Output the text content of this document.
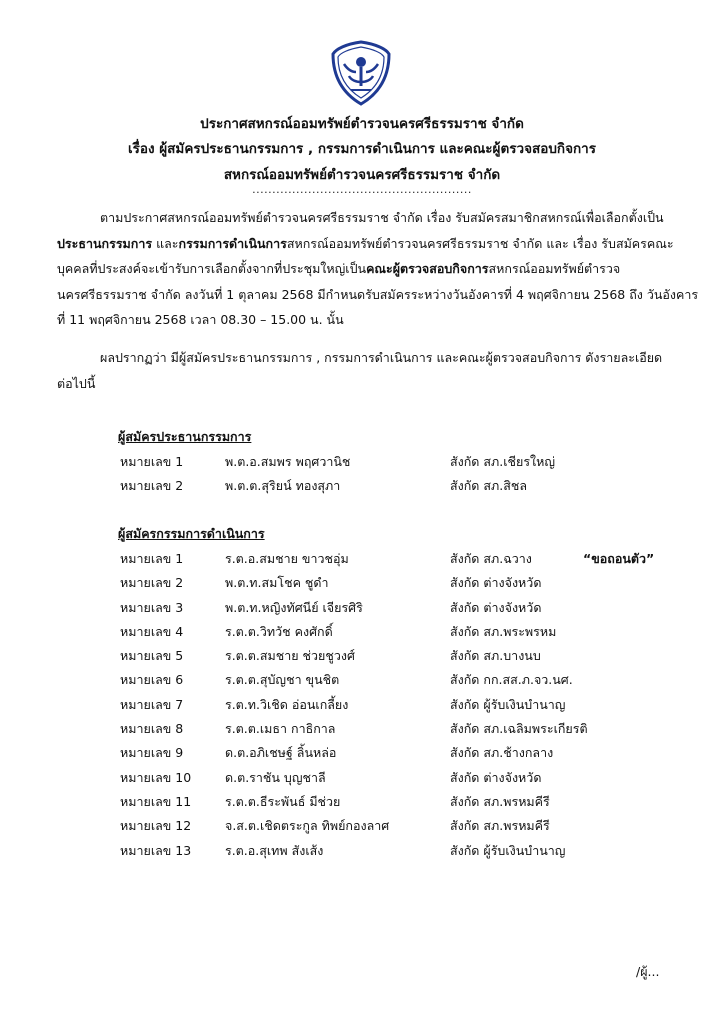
ประกาศสหกรณ์ออมทรัพย์ตำรวจนครศรีธรรมราช จำกัด
เรื่อง ผู้สมัครประธานกรรมการ , กรรมการดำเนินการ และคณะผู้ตรวจสอบกิจการ
สหกรณ์ออมทรัพย์ตำรวจนครศรีธรรมราช จำกัด
.......................................................
ตามประกาศสหกรณ์ออมทรัพย์ตำรวจนครศรีธรรมราช จำกัด เรื่อง รับสมัครสมาชิกสหกรณ์เพื่อเลือกตั้งเป็น
ประธานกรรมการ และกรรมการดำเนินการสหกรณ์ออมทรัพย์ตำรวจนครศรีธรรมราช จำกัด และ เรื่อง รับสมัครคณะ
บุคคลที่ประสงค์จะเข้ารับการเลือกตั้งจากที่ประชุมใหญ่เป็นคณะผู้ตรวจสอบกิจการสหกรณ์ออมทรัพย์ตำรวจ
นครศรีธรรมราช จำกัด ลงวันที่ 1 ตุลาคม 2568 มีกำหนดรับสมัครระหว่างวันอังคารที่ 4 พฤศจิกายน 2568 ถึง วันอังคาร
ที่ 11 พฤศจิกายน 2568 เวลา 08.30 – 15.00 น. นั้น
ผลปรากฏว่า มีผู้สมัครประธานกรรมการ , กรรมการดำเนินการ และคณะผู้ตรวจสอบกิจการ ดังรายละเอียด
ต่อไปนี้
ผู้สมัครประธานกรรมการ
หมายเลข 1	พ.ต.อ.สมพร พฤศวานิช	สังกัด สภ.เชียรใหญ่
หมายเลข 2	พ.ต.ต.สุริยน์ ทองสุภา	สังกัด สภ.สิชล
ผู้สมัครกรรมการดำเนินการ
หมายเลข 1	ร.ต.อ.สมชาย ขาวชอุ่ม	สังกัด สภ.ฉวาง	“ขอถอนตัว”
หมายเลข 2	พ.ต.ท.สมโชค ชูดำ	สังกัด ต่างจังหวัด
หมายเลข 3	พ.ต.ท.หญิงทัศนีย์ เจียรศิริ	สังกัด ต่างจังหวัด
หมายเลข 4	ร.ต.ต.วิทวัช คงศักดิ์	สังกัด สภ.พระพรหม
หมายเลข 5	ร.ต.ต.สมชาย ช่วยชูวงศ์	สังกัด สภ.บางนบ
หมายเลข 6	ร.ต.ต.สุบัญชา ขุนชิต	สังกัด กก.สส.ภ.จว.นศ.
หมายเลข 7	ร.ต.ท.วิเชิด อ่อนเกลี้ยง	สังกัด ผู้รับเงินบำนาญ
หมายเลข 8	ร.ต.ต.เมธา กาธิกาล	สังกัด สภ.เฉลิมพระเกียรติ
หมายเลข 9	ด.ต.อภิเชษฐ์ ลิ้นหล่อ	สังกัด สภ.ช้างกลาง
หมายเลข 10	ด.ต.ราชัน บุญชาลี	สังกัด ต่างจังหวัด
หมายเลข 11	ร.ต.ต.ธีระพันธ์ มีช่วย	สังกัด สภ.พรหมคีรี
หมายเลข 12	จ.ส.ต.เชิดตระกูล ทิพย์กองลาศ	สังกัด สภ.พรหมคีรี
หมายเลข 13	ร.ต.อ.สุเทพ สังเส้ง	สังกัด ผู้รับเงินบำนาญ
/ผู้...
